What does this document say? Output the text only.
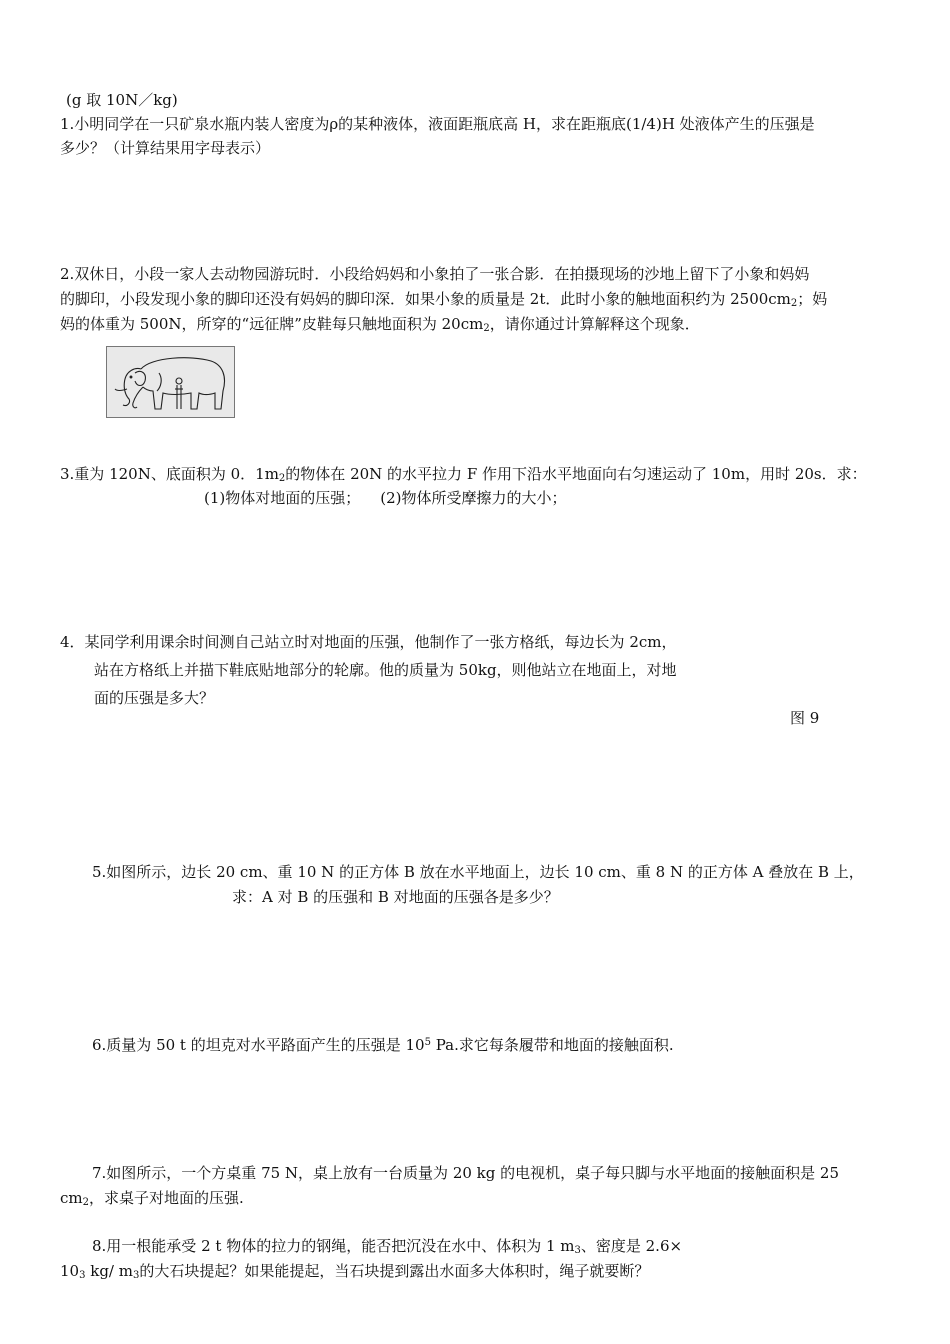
(g 取 10N／kg)
1.小明同学在一只矿泉水瓶内装人密度为ρ的某种液体，液面距瓶底高 H，求在距瓶底(1/4)H 处液体产生的压强是
多少？（计算结果用字母表示）
2.双休日，小段一家人去动物园游玩时．小段给妈妈和小象拍了一张合影．在拍摄现场的沙地上留下了小象和妈妈
的脚印，小段发现小象的脚印还没有妈妈的脚印深．如果小象的质量是 2t．此时小象的触地面积约为 $2500cm_2$；妈
妈的体重为 500N，所穿的“远征牌”皮鞋每只触地面积为 $20cm_2$，请你通过计算解释这个现象．
3.重为 120N、底面积为 0．$1m_2$的物体在 20N 的水平拉力 F 作用下沿水平地面向右匀速运动了 10m，用时 20s．求：
(1)物体对地面的压强； (2)物体所受摩擦力的大小；
4．某同学利用课余时间测自己站立时对地面的压强，他制作了一张方格纸，每边长为 2cm，
站在方格纸上并描下鞋底贴地部分的轮廓。他的质量为 50kg，则他站立在地面上，对地
面的压强是多大？
图 9
5.如图所示，边长 20 cm、重 10 N 的正方体 B 放在水平地面上，边长 10 cm、重 8 N 的正方体 A 叠放在 B 上，
求：A 对 B 的压强和 B 对地面的压强各是多少？
6.质量为 50 t 的坦克对水平路面产生的压强是 $10^5$ Pa.求它每条履带和地面的接触面积.
7.如图所示，一个方桌重 75 N，桌上放有一台质量为 20 kg 的电视机，桌子每只脚与水平地面的接触面积是 25
$cm_2$，求桌子对地面的压强.
8.用一根能承受 2 t 物体的拉力的钢绳，能否把沉没在水中、体积为 1 $m_3$、密度是 2.6×
$10_3$ kg/ $m_3$的大石块提起？如果能提起，当石块提到露出水面多大体积时，绳子就要断？
